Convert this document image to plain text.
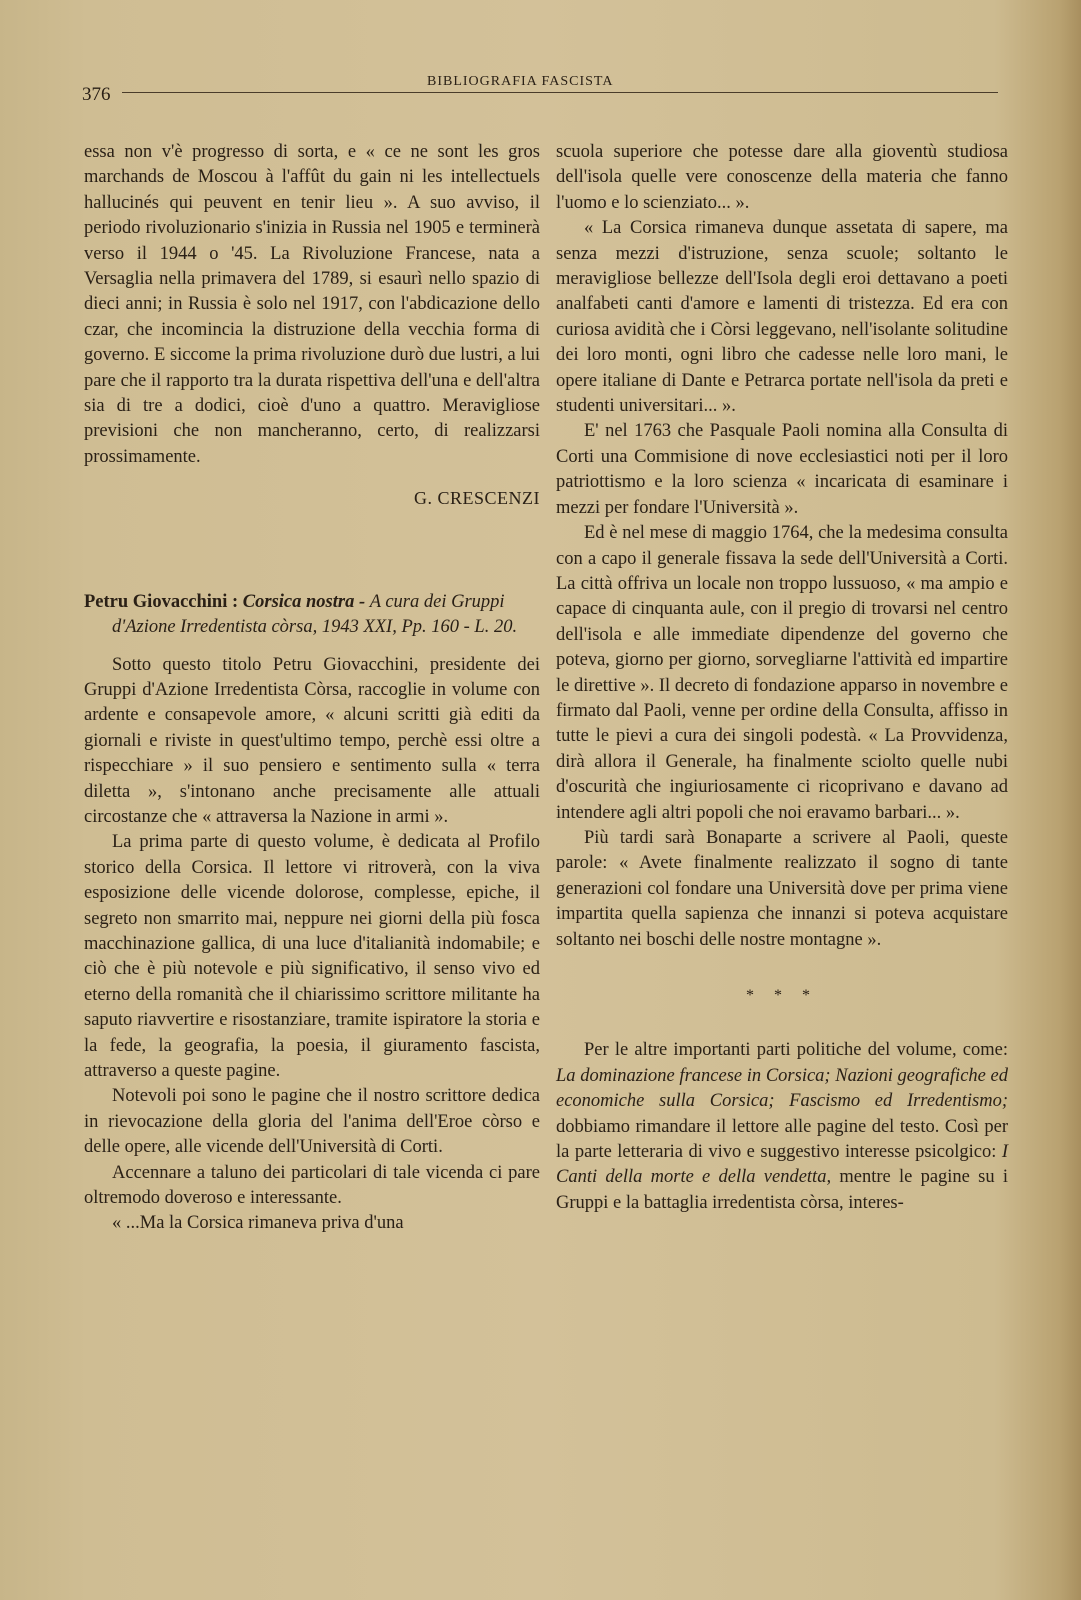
376
BIBLIOGRAFIA FASCISTA

essa non v'è progresso di sorta, e « ce ne sont les gros marchands de Moscou à l'affût du gain ni les intellectuels hallucinés qui peuvent en tenir lieu ». A suo avviso, il periodo rivoluzionario s'inizia in Russia nel 1905 e terminerà verso il 1944 o '45. La Rivoluzione Francese, nata a Versaglia nella primavera del 1789, si esaurì nello spazio di dieci anni; in Russia è solo nel 1917, con l'abdicazione dello czar, che incomincia la distruzione della vecchia forma di governo. E siccome la prima rivoluzione durò due lustri, a lui pare che il rapporto tra la durata rispettiva dell'una e dell'altra sia di tre a dodici, cioè d'uno a quattro. Meravigliose previsioni che non mancheranno, certo, di realizzarsi prossimamente.

G. CRESCENZI

Petru Giovacchini : Corsica nostra - A cura dei Gruppi d'Azione Irredentista còrsa, 1943 XXI, Pp. 160 - L. 20.

Sotto questo titolo Petru Giovacchini, presidente dei Gruppi d'Azione Irredentista Còrsa, raccoglie in volume con ardente e consapevole amore, « alcuni scritti già editi da giornali e riviste in quest'ultimo tempo, perchè essi oltre a rispecchiare » il suo pensiero e sentimento sulla « terra diletta », s'intonano anche precisamente alle attuali circostanze che « attraversa la Nazione in armi ».

La prima parte di questo volume, è dedicata al Profilo storico della Corsica. Il lettore vi ritroverà, con la viva esposizione delle vicende dolorose, complesse, epiche, il segreto non smarrito mai, neppure nei giorni della più fosca macchinazione gallica, di una luce d'italianità indomabile; e ciò che è più notevole e più significativo, il senso vivo ed eterno della romanità che il chiarissimo scrittore militante ha saputo riavvertire e risostanziare, tramite ispiratore la storia e la fede, la geografia, la poesia, il giuramento fascista, attraverso a queste pagine.

Notevoli poi sono le pagine che il nostro scrittore dedica in rievocazione della gloria del l'anima dell'Eroe còrso e delle opere, alle vicende dell'Università di Corti.

Accennare a taluno dei particolari di tale vicenda ci pare oltremodo doveroso e interessante.

« ...Ma la Corsica rimaneva priva d'una

scuola superiore che potesse dare alla gioventù studiosa dell'isola quelle vere conoscenze della materia che fanno l'uomo e lo scienziato... ».

« La Corsica rimaneva dunque assetata di sapere, ma senza mezzi d'istruzione, senza scuole; soltanto le meravigliose bellezze dell'Isola degli eroi dettavano a poeti analfabeti canti d'amore e lamenti di tristezza. Ed era con curiosa avidità che i Còrsi leggevano, nell'isolante solitudine dei loro monti, ogni libro che cadesse nelle loro mani, le opere italiane di Dante e Petrarca portate nell'isola da preti e studenti universitari... ».

E' nel 1763 che Pasquale Paoli nomina alla Consulta di Corti una Commisione di nove ecclesiastici noti per il loro patriottismo e la loro scienza « incaricata di esaminare i mezzi per fondare l'Università ».

Ed è nel mese di maggio 1764, che la medesima consulta con a capo il generale fissava la sede dell'Università a Corti. La città offriva un locale non troppo lussuoso, « ma ampio e capace di cinquanta aule, con il pregio di trovarsi nel centro dell'isola e alle immediate dipendenze del governo che poteva, giorno per giorno, sorvegliarne l'attività ed impartire le direttive ». Il decreto di fondazione apparso in novembre e firmato dal Paoli, venne per ordine della Consulta, affisso in tutte le pievi a cura dei singoli podestà. « La Provvidenza, dirà allora il Generale, ha finalmente sciolto quelle nubi d'oscurità che ingiuriosamente ci ricoprivano e davano ad intendere agli altri popoli che noi eravamo barbari... ».

Più tardi sarà Bonaparte a scrivere al Paoli, queste parole: « Avete finalmente realizzato il sogno di tante generazioni col fondare una Università dove per prima viene impartita quella sapienza che innanzi si poteva acquistare soltanto nei boschi delle nostre montagne ».

* * *

Per le altre importanti parti politiche del volume, come: La dominazione francese in Corsica; Nazioni geografiche ed economiche sulla Corsica; Fascismo ed Irredentismo; dobbiamo rimandare il lettore alle pagine del testo. Così per la parte letteraria di vivo e suggestivo interesse psicolgico: I Canti della morte e della vendetta, mentre le pagine su i Gruppi e la battaglia irredentista còrsa, interes-
